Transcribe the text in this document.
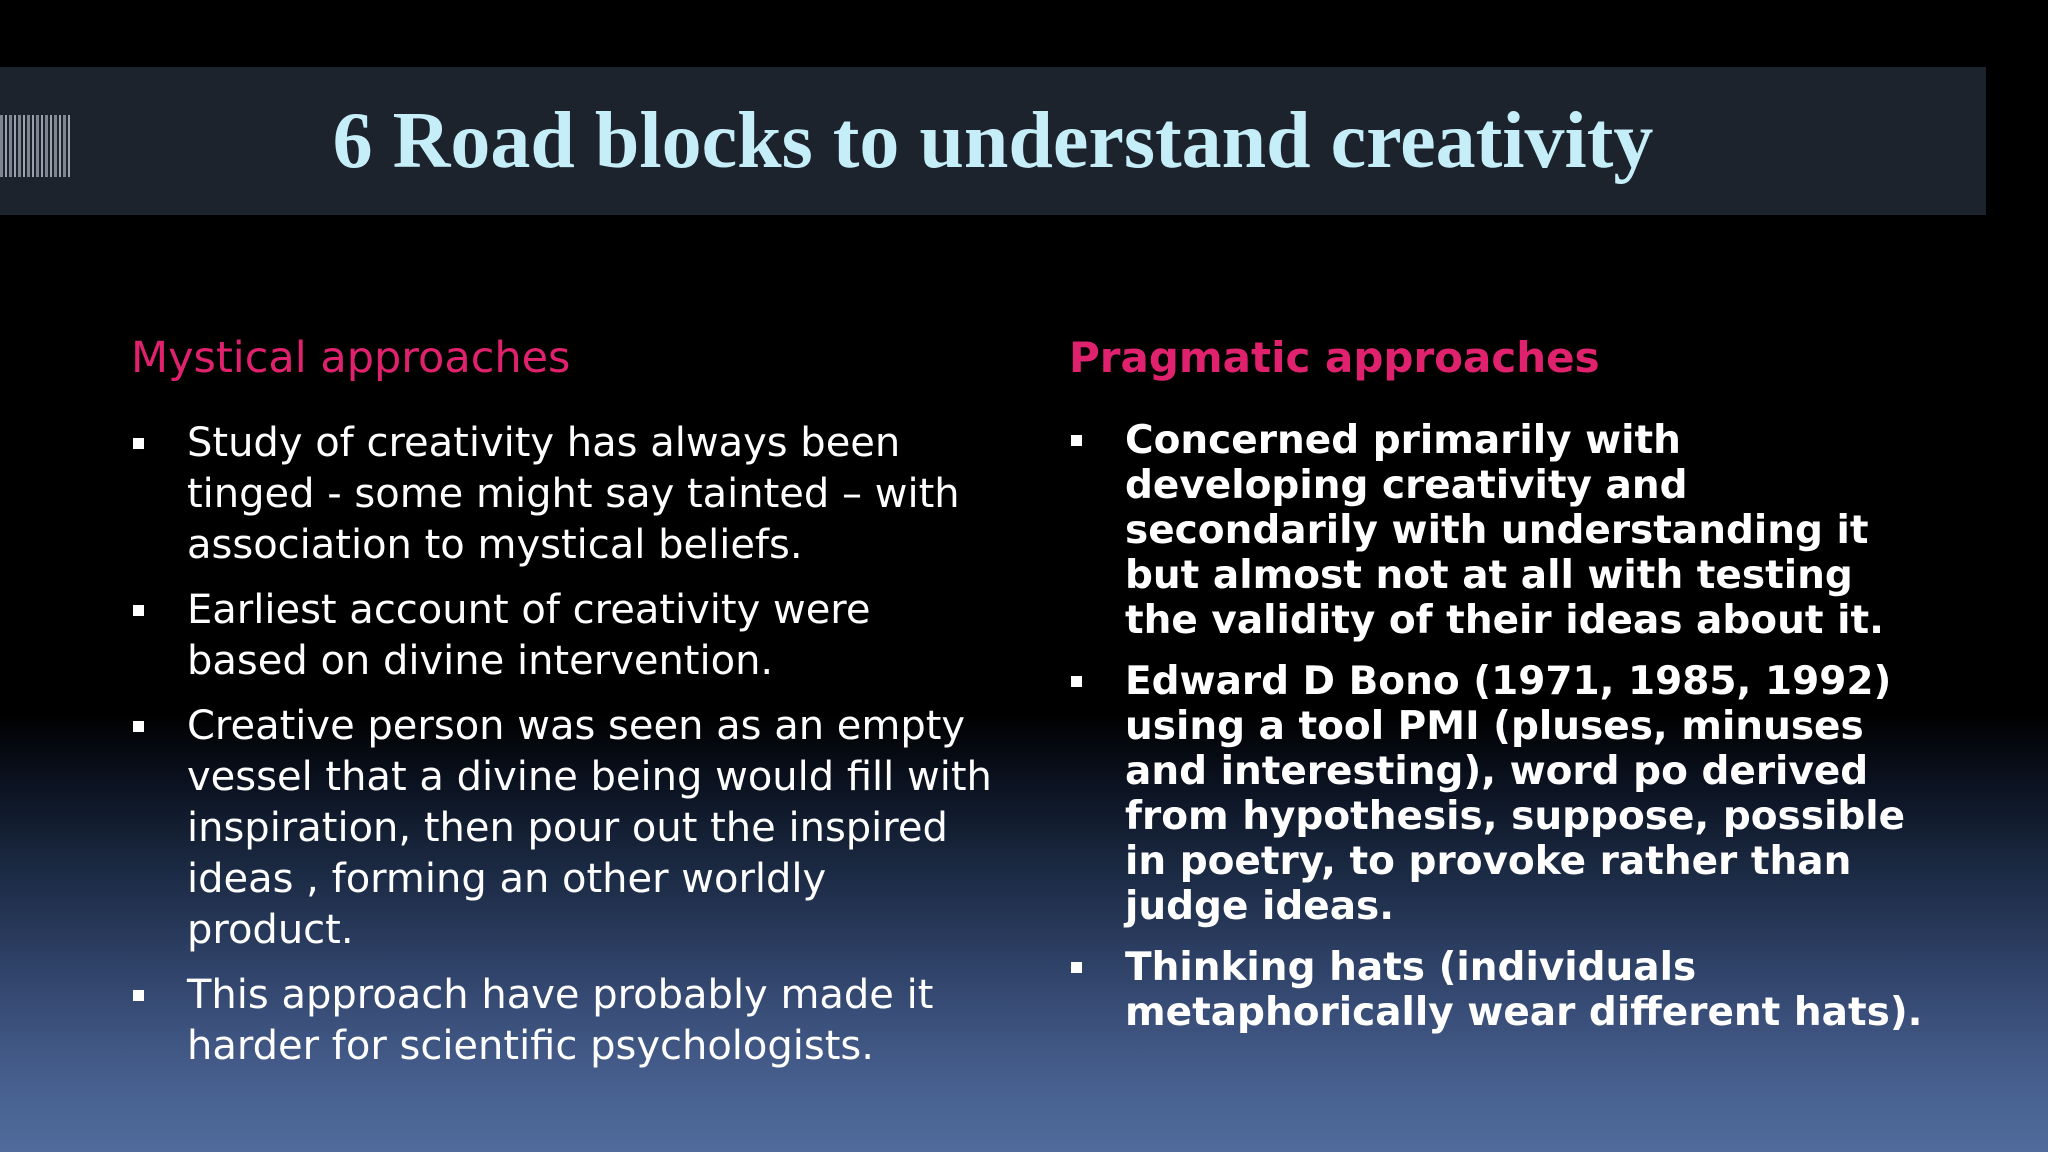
6 Road blocks to understand creativity
Mystical approaches
Study of creativity has always been tinged - some might say tainted – with association to mystical beliefs.
Earliest account of creativity were based on divine intervention.
Creative person was seen as an empty vessel that a divine being would fill with inspiration, then pour out the inspired ideas , forming an other worldly product.
This approach have probably made it harder for scientific psychologists.
Pragmatic approaches
Concerned primarily with developing creativity and secondarily with understanding it but almost not at all with testing the validity of their ideas about it.
Edward D Bono (1971, 1985, 1992) using a tool PMI (pluses, minuses and interesting), word po derived from hypothesis, suppose, possible in poetry, to provoke rather than judge ideas.
Thinking hats (individuals metaphorically wear different hats).
